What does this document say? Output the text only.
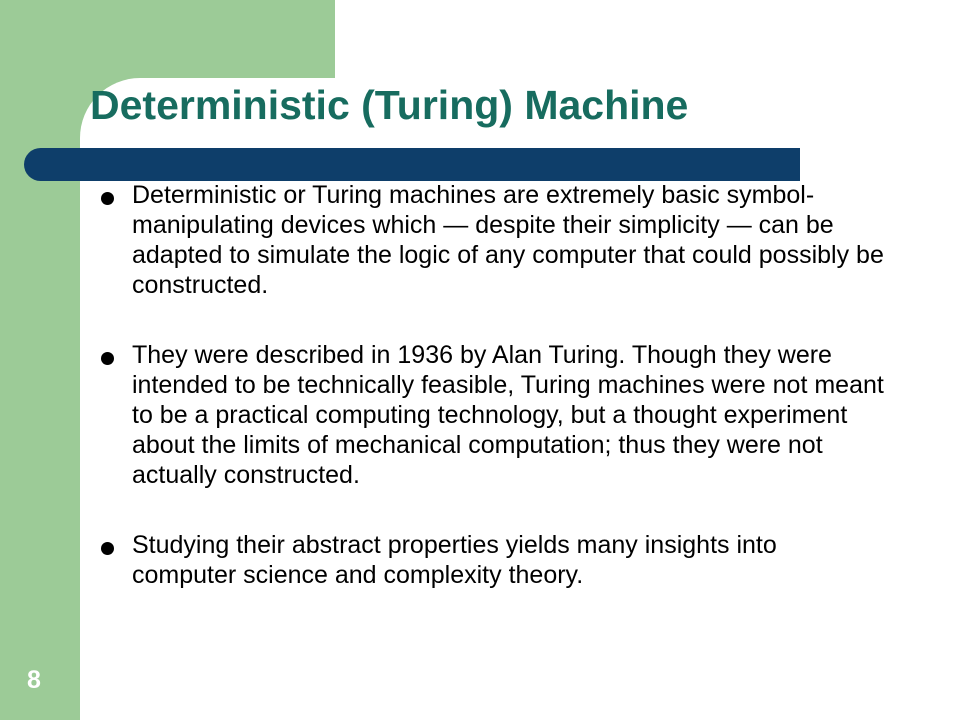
Deterministic (Turing) Machine
Deterministic or Turing machines are extremely basic symbol-manipulating devices which — despite their simplicity — can be adapted to simulate the logic of any computer that could possibly be constructed.
They were described in 1936 by Alan Turing. Though they were intended to be technically feasible, Turing machines were not meant to be a practical computing technology, but a thought experiment about the limits of mechanical computation; thus they were not actually constructed.
Studying their abstract properties yields many insights into computer science and complexity theory.
8
